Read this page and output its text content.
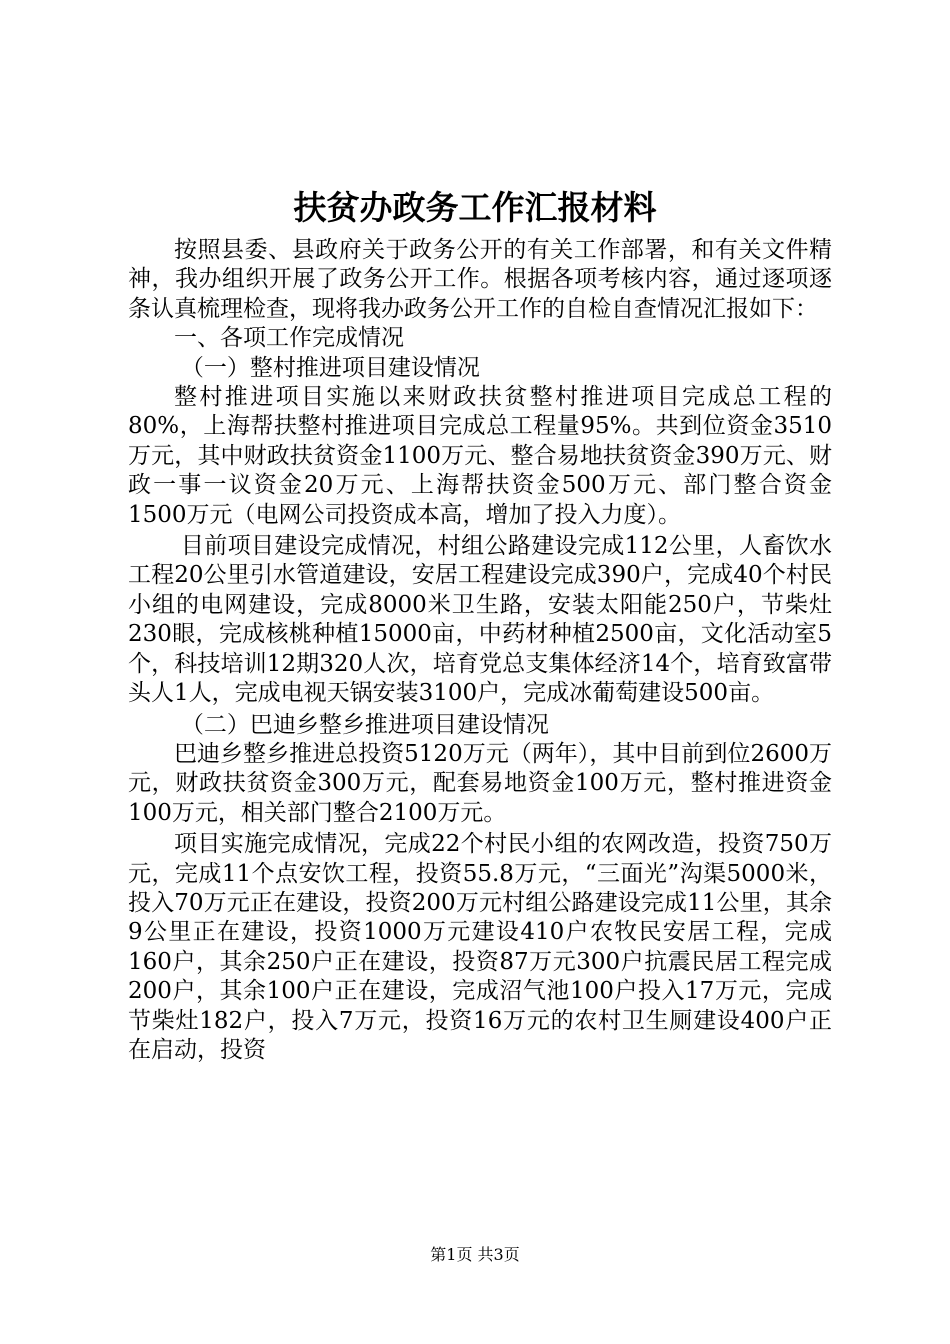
扶贫办政务工作汇报材料

按照县委、县政府关于政务公开的有关工作部署，和有关文件精神，我办组织开展了政务公开工作。根据各项考核内容，通过逐项逐条认真梳理检查，现将我办政务公开工作的自检自查情况汇报如下：

一、各项工作完成情况

（一）整村推进项目建设情况

整村推进项目实施以来财政扶贫整村推进项目完成总工程的80%，上海帮扶整村推进项目完成总工程量95%。共到位资金3510万元，其中财政扶贫资金1100万元、整合易地扶贫资金390万元、财政一事一议资金20万元、上海帮扶资金500万元、部门整合资金1500万元（电网公司投资成本高，增加了投入力度）。

目前项目建设完成情况，村组公路建设完成112公里，人畜饮水工程20公里引水管道建设，安居工程建设完成390户，完成40个村民小组的电网建设，完成8000米卫生路，安装太阳能250户，节柴灶230眼，完成核桃种植15000亩，中药材种植2500亩，文化活动室5个，科技培训12期320人次，培育党总支集体经济14个，培育致富带头人1人，完成电视天锅安装3100户，完成冰葡萄建设500亩。

（二）巴迪乡整乡推进项目建设情况

巴迪乡整乡推进总投资5120万元（两年），其中目前到位2600万元，财政扶贫资金300万元，配套易地资金100万元，整村推进资金100万元，相关部门整合2100万元。

项目实施完成情况，完成22个村民小组的农网改造，投资750万元，完成11个点安饮工程，投资55.8万元，“三面光”沟渠5000米，投入70万元正在建设，投资200万元村组公路建设完成11公里，其余9公里正在建设，投资1000万元建设410户农牧民安居工程，完成160户，其余250户正在建设，投资87万元300户抗震民居工程完成200户，其余100户正在建设，完成沼气池100户投入17万元，完成节柴灶182户，投入7万元，投资16万元的农村卫生厕建设400户正在启动，投资

第1页 共3页
